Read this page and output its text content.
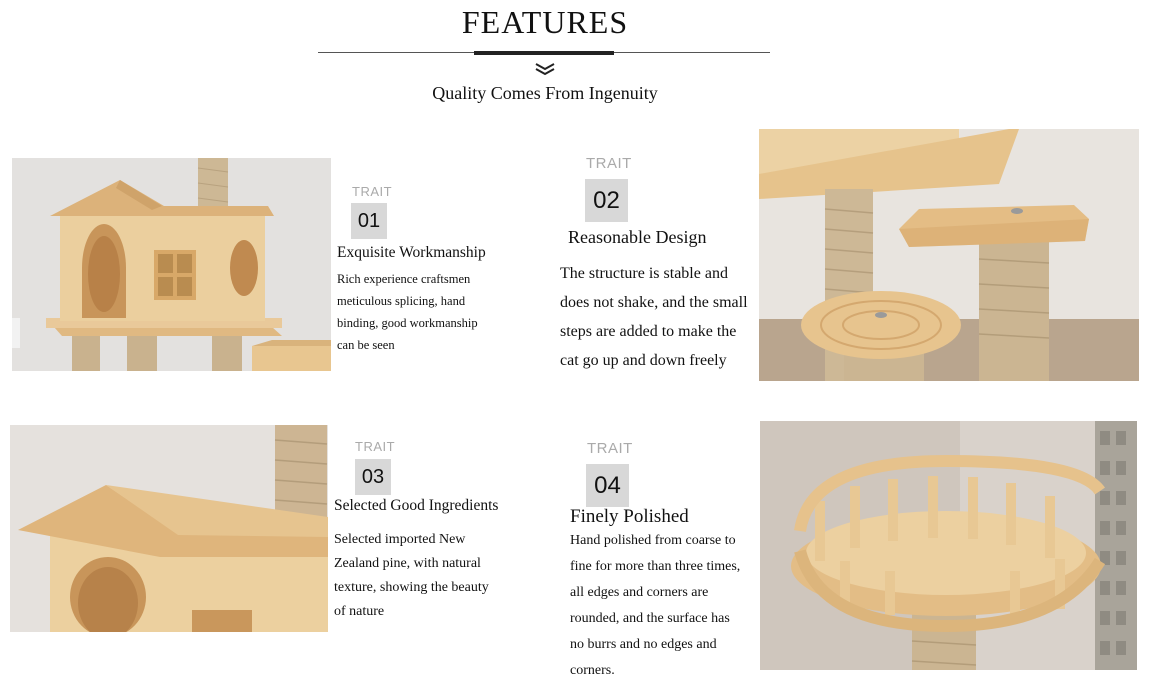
FEATURES
Quality Comes From Ingenuity
TRAIT
01
Exquisite Workmanship
Rich experience craftsmen
meticulous splicing, hand
binding, good workmanship
can be seen
TRAIT
02
Reasonable Design
The structure is stable and
does not shake, and the small
steps are added to make the
cat go up and down freely
TRAIT
03
Selected Good Ingredients
Selected imported New
Zealand pine, with natural
texture, showing the beauty
of nature
TRAIT
04
Finely Polished
Hand polished from coarse to
fine for more than three times,
all edges and corners are
rounded, and the surface has
no burrs and no edges and
corners.
